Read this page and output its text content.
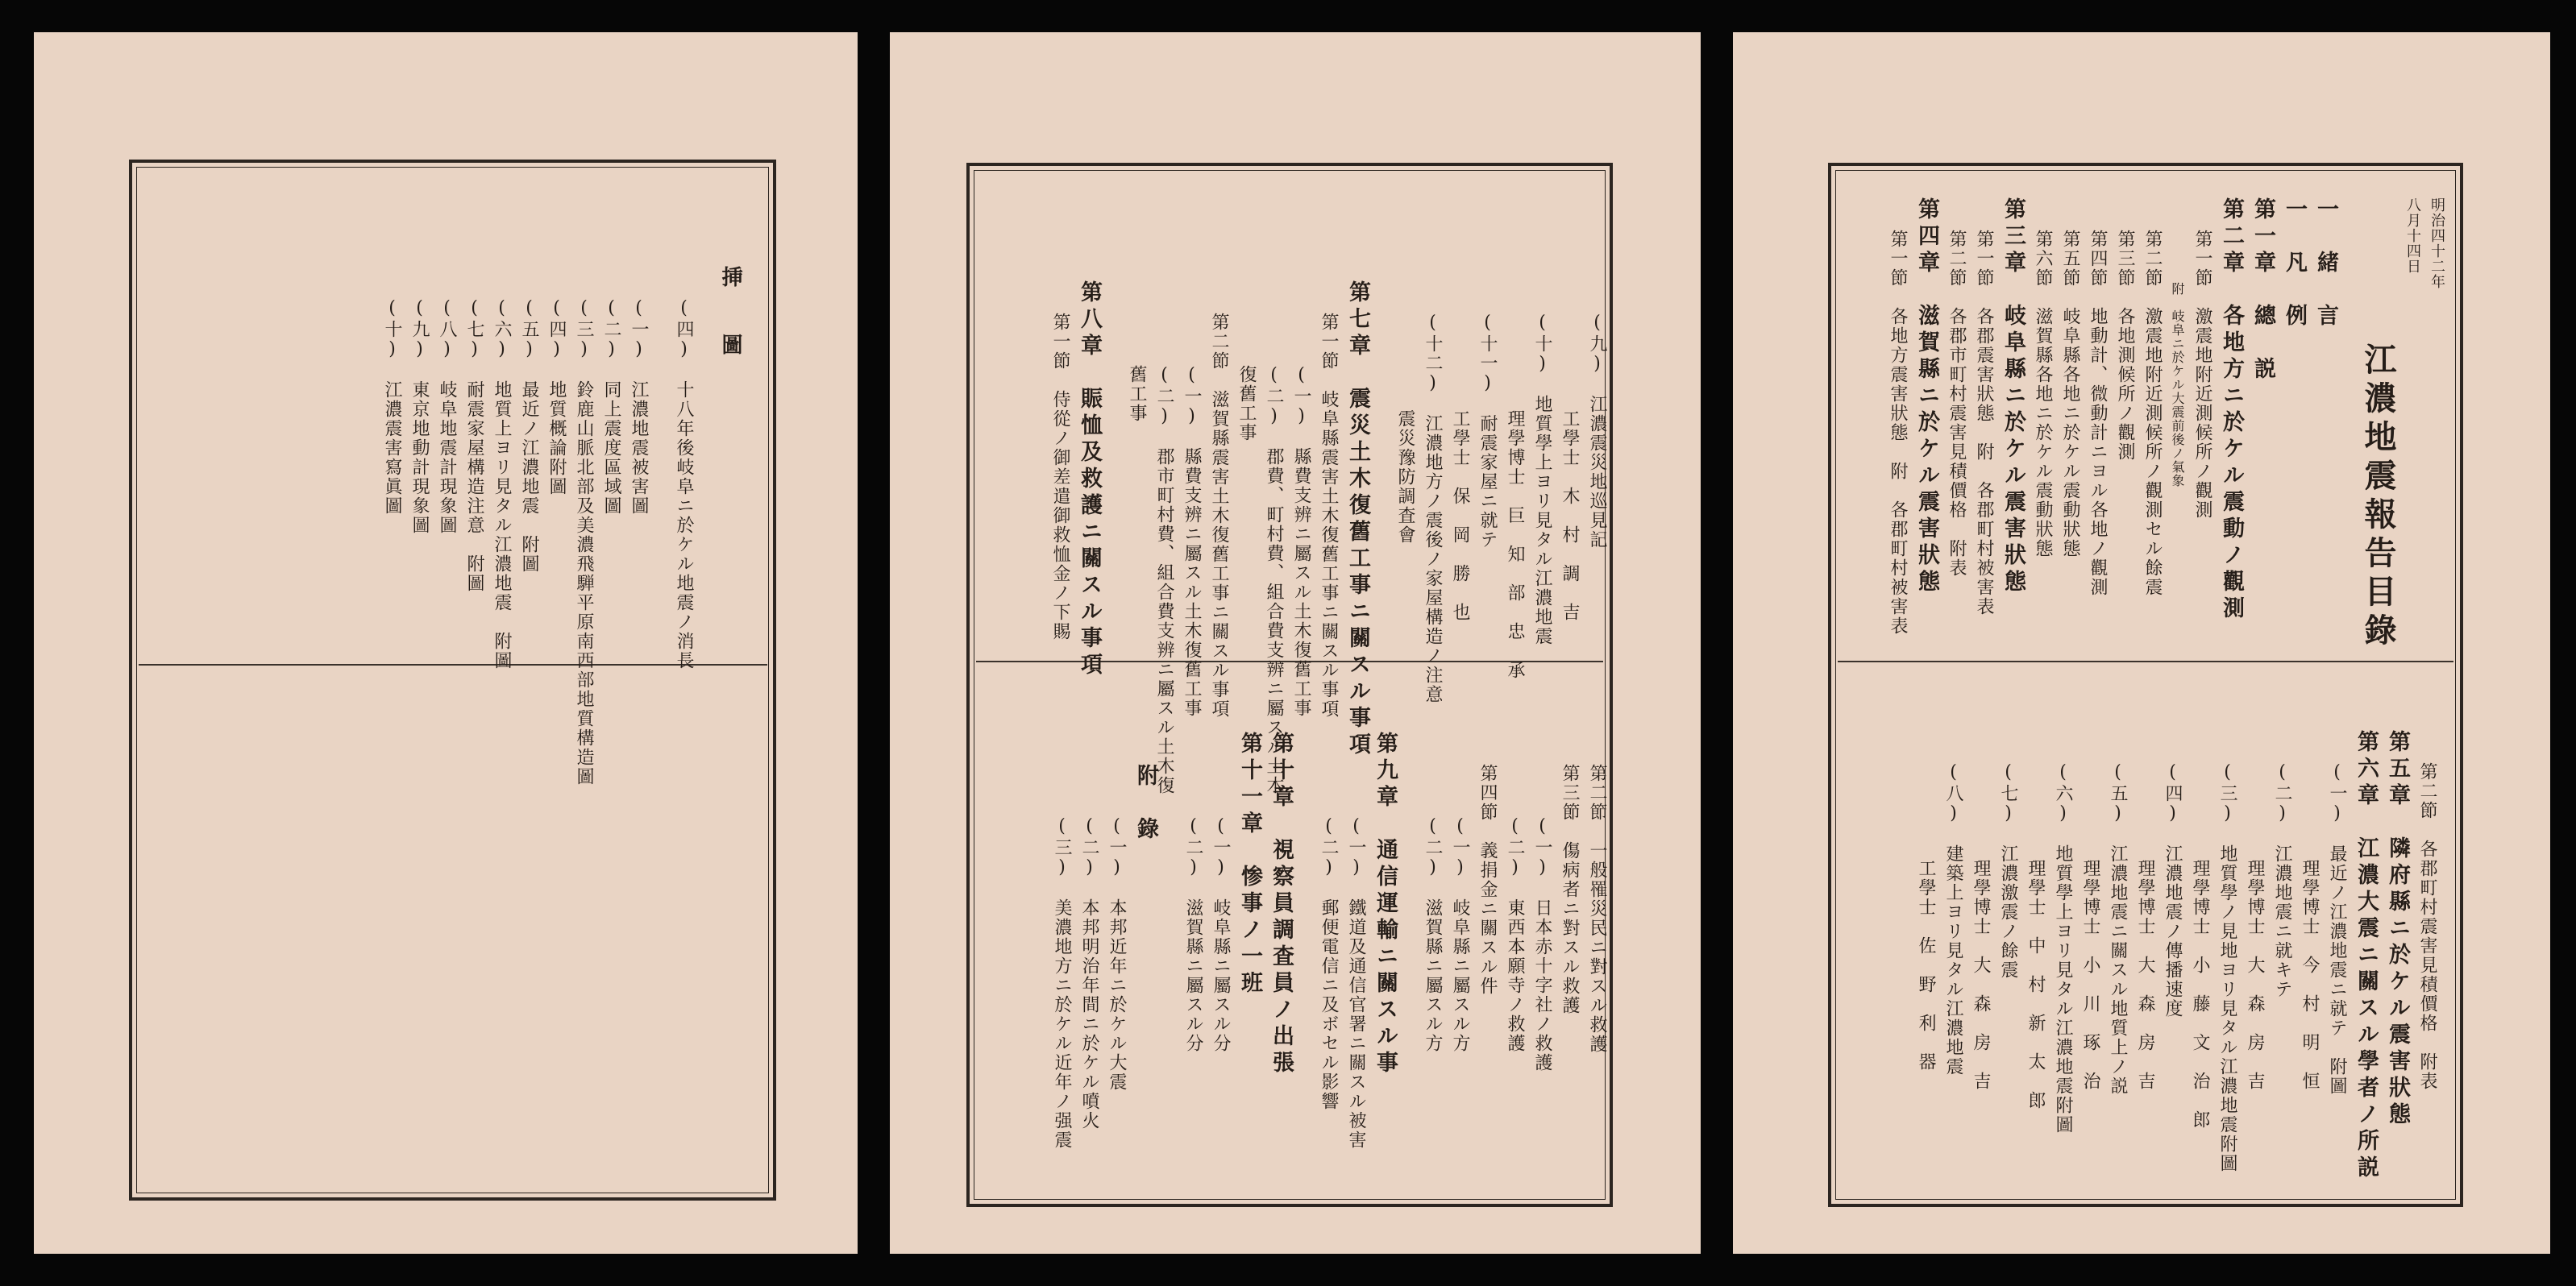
挿　圖
(四)　十八年後岐阜ニ於ケル地震ノ消長
(一)　江濃地震被害圖
(二)　同上震度區域圖
(三)　鈴鹿山脈北部及美濃飛騨平原南西部地質構造圖
(四)　地質概論附圖
(五)　最近ノ江濃地震　附圖
(六)　地質上ヨリ見タル江濃地震　附圖
(七)　耐震家屋構造注意　附圖
(八)　岐阜地震計現象圖
(九)　東京地動計現象圖
(十)　江濃震害寫眞圖	(九)　江濃震災地巡見記
工學士　木　村　調　吉
(十)　地質學上ヨリ見タル江濃地震
理學博士　巨　知　部　忠　承
(十一)　耐震家屋ニ就テ
工學士　保　岡　勝　也
(十二)　江濃地方ノ震後ノ家屋構造ノ注意
震災豫防調査會
第七章　震災土木復舊工事ニ關スル事項
第一節　岐阜縣震害土木復舊工事ニ關スル事項
(一)　縣費支辨ニ屬スル土木復舊工事
(二)　郡費、町村費、組合費支辨ニ屬スル土木
復舊工事
第二節　滋賀縣震害土木復舊工事ニ關スル事項
(一)　縣費支辨ニ屬スル土木復舊工事
(二)　郡市町村費、組合費支辨ニ屬スル土木復
舊工事
第八章　賑恤及救護ニ關スル事項
第一節　侍從ノ御差遣御救恤金ノ下賜
第二節　一般罹災民ニ對スル救護
第三節　傷病者ニ對スル救護
(一)　日本赤十字社ノ救護
(二)　東西本願寺ノ救護
第四節　義捐金ニ關スル件
(一)　岐阜縣ニ屬スル方
(二)　滋賀縣ニ屬スル方
第九章　通信運輸ニ關スル事
(一)　鐵道及通信官署ニ關スル被害
(二)　郵便電信ニ及ボセル影響
第十章　視察員調査員ノ出張
第十一章　惨事ノ一班
(一)　岐阜縣ニ屬スル分
(二)　滋賀縣ニ屬スル分
附　錄
(一)　本邦近年ニ於ケル大震
(二)　本邦明治年間ニ於ケル噴火
(三)　美濃地方ニ於ケル近年ノ强震
明治四十二年
八月十四日
江濃地震報告目錄
一　緒　言
一　凡　例
第一章　總　説
第二章　各地方ニ於ケル震動ノ觀測
第一節　激震地附近測候所ノ觀測
附　岐阜ニ於ケル大震前後ノ氣象
第二節　激震地附近測候所ノ觀測セル餘震
第三節　各地測候所ノ觀測
第四節　地動計、微動計ニヨル各地ノ觀測
第五節　岐阜縣各地ニ於ケル震動狀態
第六節　滋賀縣各地ニ於ケル震動狀態
第三章　岐阜縣ニ於ケル震害狀態
第一節　各郡震害狀態　附　各郡町村被害表
第二節　各郡市町村震害見積價格　附表
第四章　滋賀縣ニ於ケル震害狀態
第一節　各地方震害狀態　附　各郡町村被害表
第二節　各郡町村震害見積價格　附表
第五章　隣府縣ニ於ケル震害狀態
第六章　江濃大震ニ關スル學者ノ所説
(一)　最近ノ江濃地震ニ就テ　附圖
理學博士　今　村　明　恒
(二)　江濃地震ニ就キテ
理學博士　大　森　房　吉
(三)　地質學ノ見地ヨリ見タル江濃地震附圖
理學博士　小　藤　文　治　郎
(四)　江濃地震ノ傳播速度
理學博士　大　森　房　吉
(五)　江濃地震ニ關スル地質上ノ説
理學博士　小　川　琢　治
(六)　地質學上ヨリ見タル江濃地震附圖
理學士　中　村　新　太　郎
(七)　江濃激震ノ餘震
理學博士　大　森　房　吉
(八)　建築上ヨリ見タル江濃地震
工學士　佐　野　利　器
